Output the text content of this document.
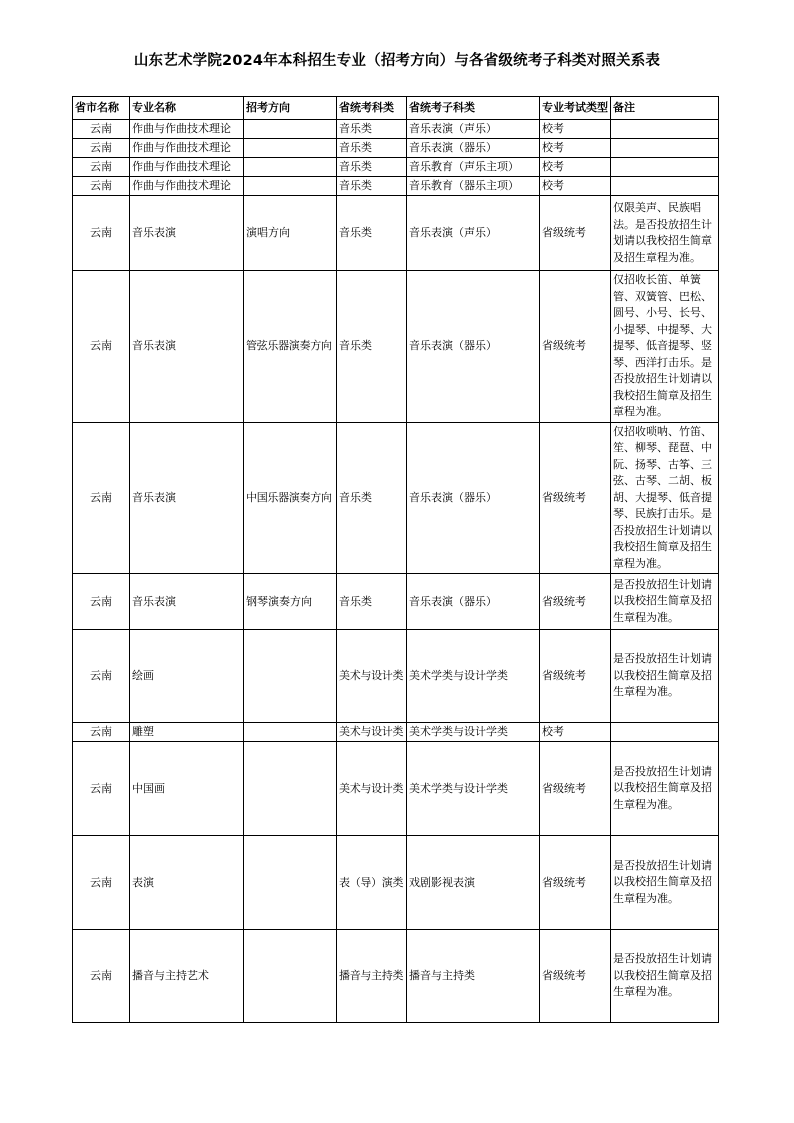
山东艺术学院2024年本科招生专业（招考方向）与各省级统考子科类对照关系表
省市名称	专业名称	招考方向	省统考科类	省统考子科类	专业考试类型	备注
云南	作曲与作曲技术理论		音乐类	音乐表演（声乐）	校考	
云南	作曲与作曲技术理论		音乐类	音乐表演（器乐）	校考	
云南	作曲与作曲技术理论		音乐类	音乐教育（声乐主项）	校考	
云南	作曲与作曲技术理论		音乐类	音乐教育（器乐主项）	校考	
云南	音乐表演	演唱方向	音乐类	音乐表演（声乐）	省级统考	仅限美声、民族唱法。是否投放招生计划请以我校招生简章及招生章程为准。
云南	音乐表演	管弦乐器演奏方向	音乐类	音乐表演（器乐）	省级统考	仅招收长笛、单簧管、双簧管、巴松、圆号、小号、长号、小提琴、中提琴、大提琴、低音提琴、竖琴、西洋打击乐。是否投放招生计划请以我校招生简章及招生章程为准。
云南	音乐表演	中国乐器演奏方向	音乐类	音乐表演（器乐）	省级统考	仅招收唢呐、竹笛、笙、柳琴、琵琶、中阮、扬琴、古筝、三弦、古琴、二胡、板胡、大提琴、低音提琴、民族打击乐。是否投放招生计划请以我校招生简章及招生章程为准。
云南	音乐表演	钢琴演奏方向	音乐类	音乐表演（器乐）	省级统考	是否投放招生计划请以我校招生简章及招生章程为准。
云南	绘画		美术与设计类	美术学类与设计学类	省级统考	是否投放招生计划请以我校招生简章及招生章程为准。
云南	雕塑		美术与设计类	美术学类与设计学类	校考	
云南	中国画		美术与设计类	美术学类与设计学类	省级统考	是否投放招生计划请以我校招生简章及招生章程为准。
云南	表演		表（导）演类	戏剧影视表演	省级统考	是否投放招生计划请以我校招生简章及招生章程为准。
云南	播音与主持艺术		播音与主持类	播音与主持类	省级统考	是否投放招生计划请以我校招生简章及招生章程为准。
